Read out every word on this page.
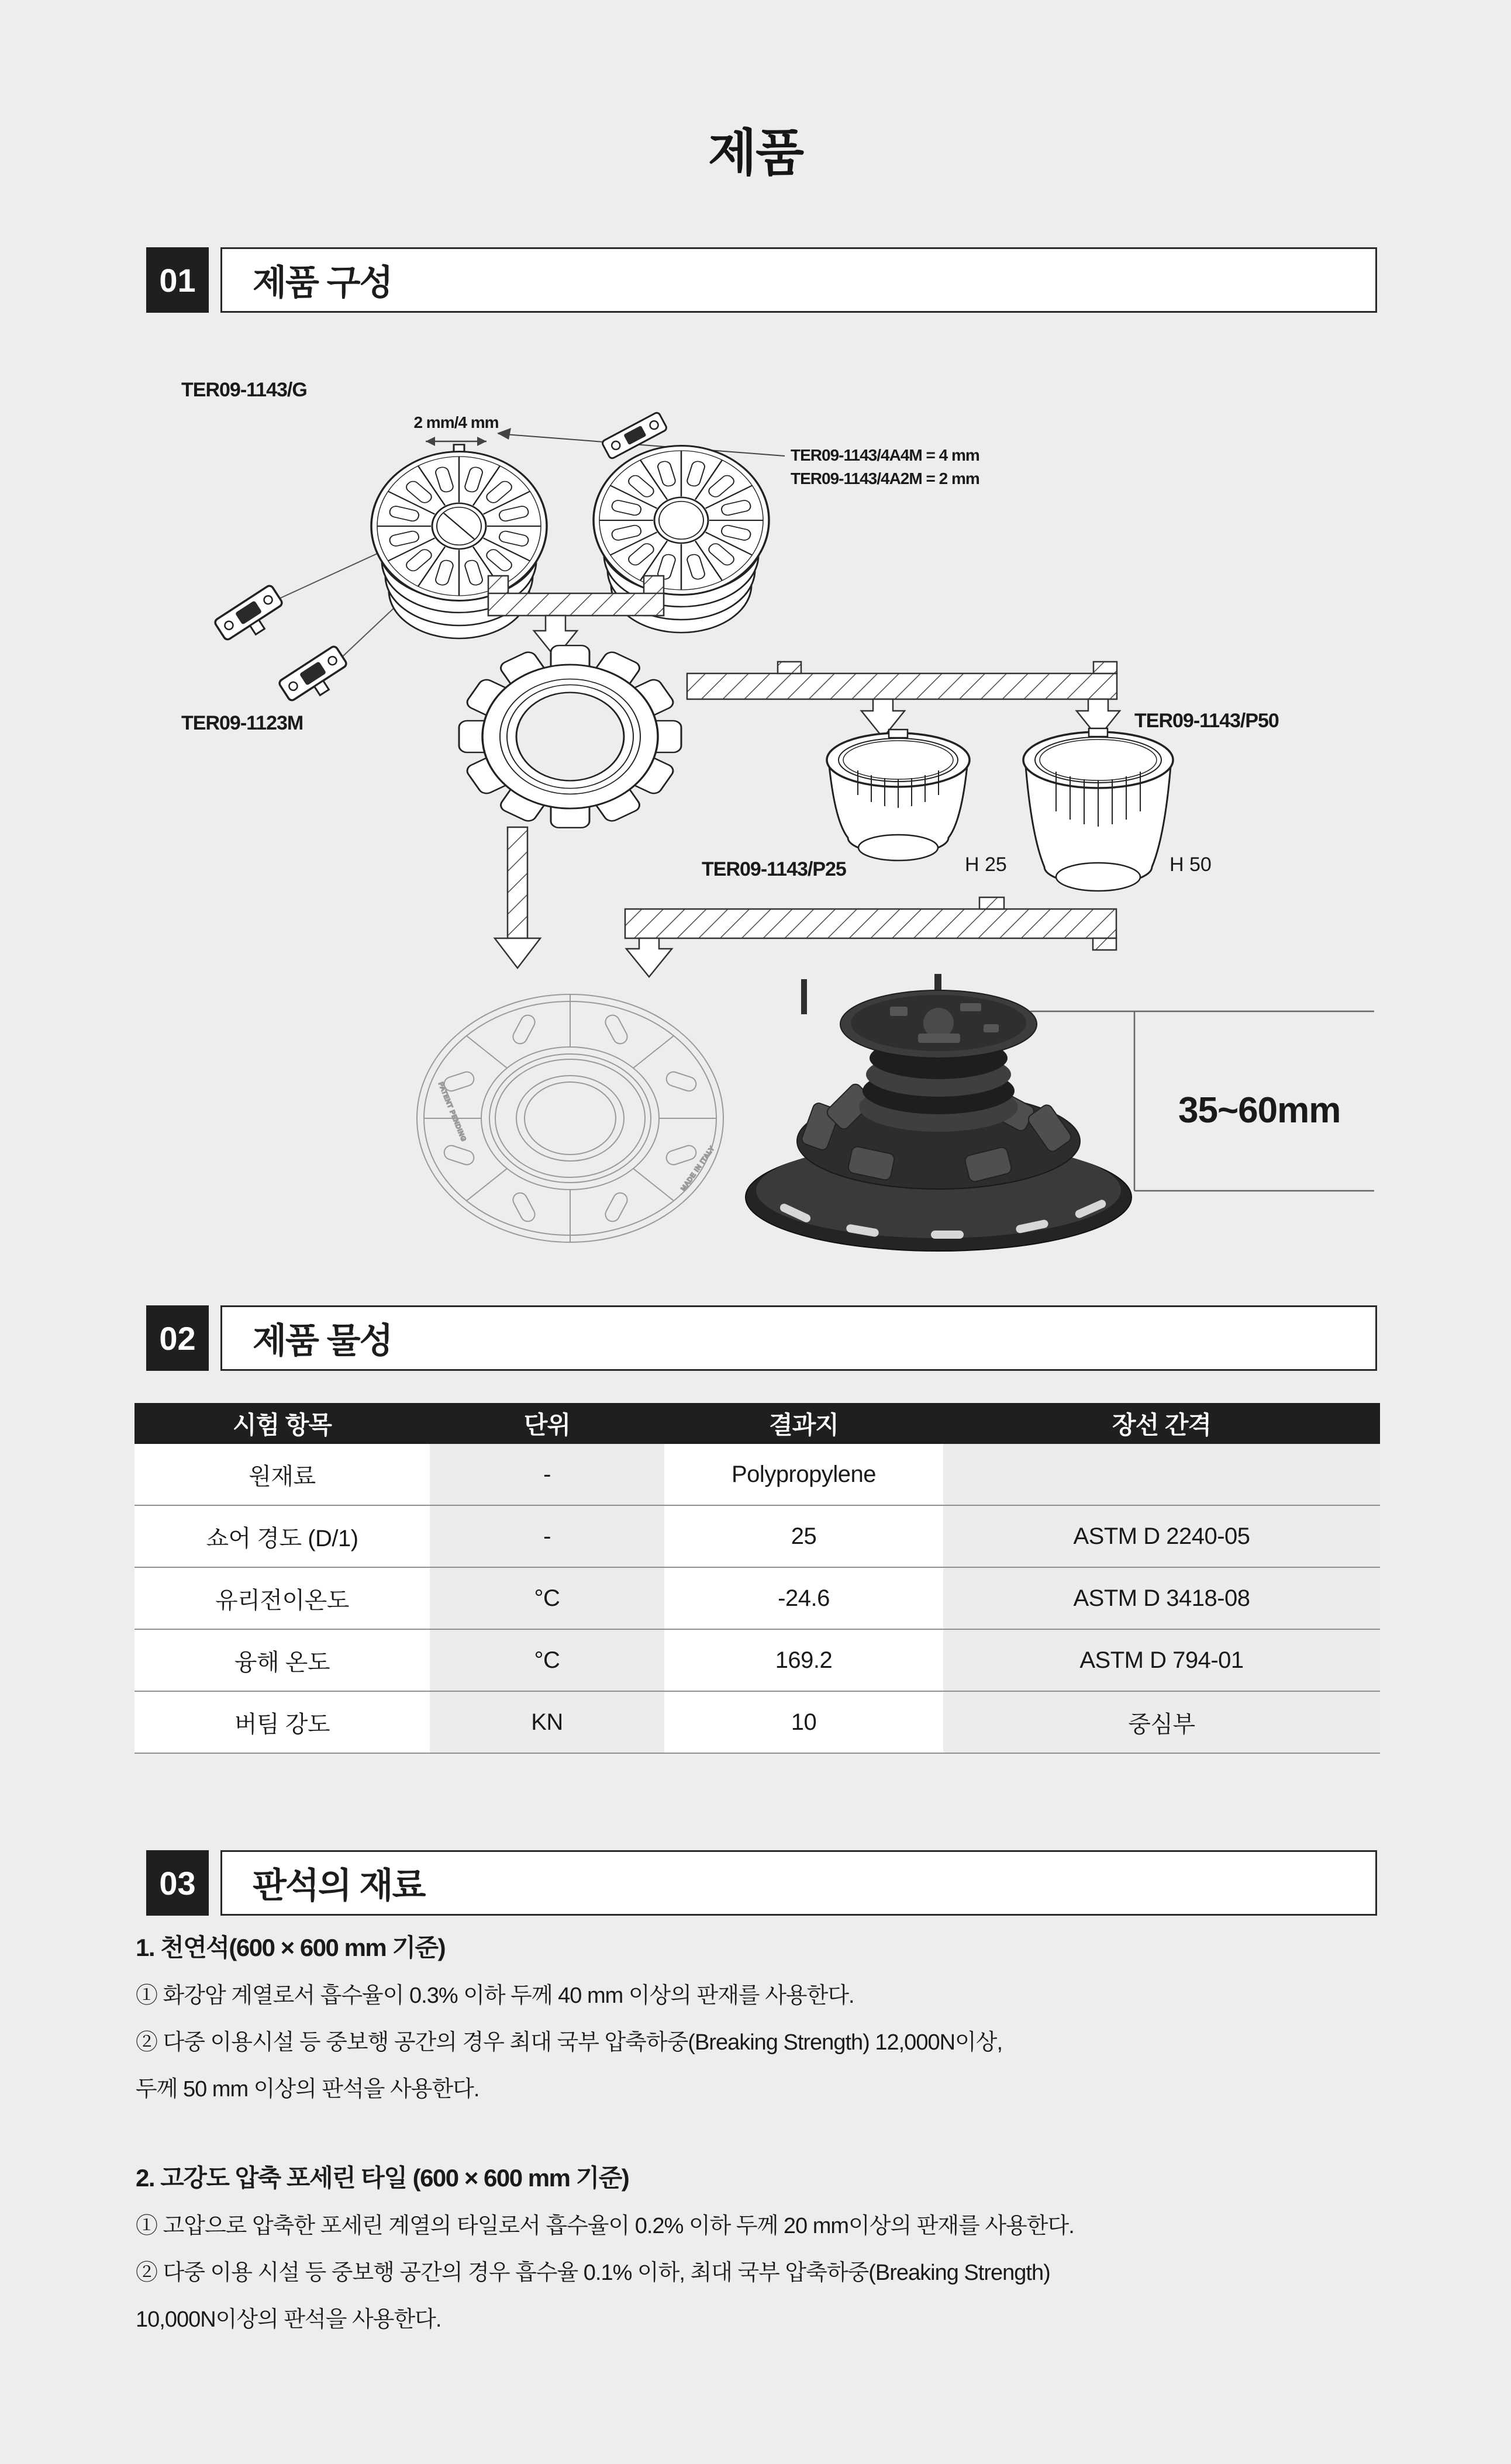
제품
01	제품 구성
TER09-1143/G
2 mm/4 mm
TER09-1143/4A4M = 4 mm
TER09-1143/4A2M = 2 mm
TER09-1123M	TER09-1143/P50
TER09-1143/P25	H 25	H 50
PATENT PENDING
MADE IN ITALY
35~60mm
02	제품 물성
시험 항목	단위	결과지	장선 간격
원재료	-	Polypropylene
쇼어 경도 (D/1)	-	25	ASTM D 2240-05
유리전이온도	°C	-24.6	ASTM D 3418-08
융해 온도	°C	169.2	ASTM D 794-01
버팀 강도	KN	10	중심부
03	판석의 재료
1. 천연석(600 × 600 mm 기준)
① 화강암 계열로서 흡수율이 0.3% 이하 두께 40 mm 이상의 판재를 사용한다.
② 다중 이용시설 등 중보행 공간의 경우 최대 국부 압축하중(Breaking Strength) 12,000N이상,
두께 50 mm 이상의 판석을 사용한다.
2. 고강도 압축 포세린 타일 (600 × 600 mm 기준)
① 고압으로 압축한 포세린 계열의 타일로서 흡수율이 0.2% 이하 두께 20 mm이상의 판재를 사용한다.
② 다중 이용 시설 등 중보행 공간의 경우 흡수율 0.1% 이하, 최대 국부 압축하중(Breaking Strength)
10,000N이상의 판석을 사용한다.
